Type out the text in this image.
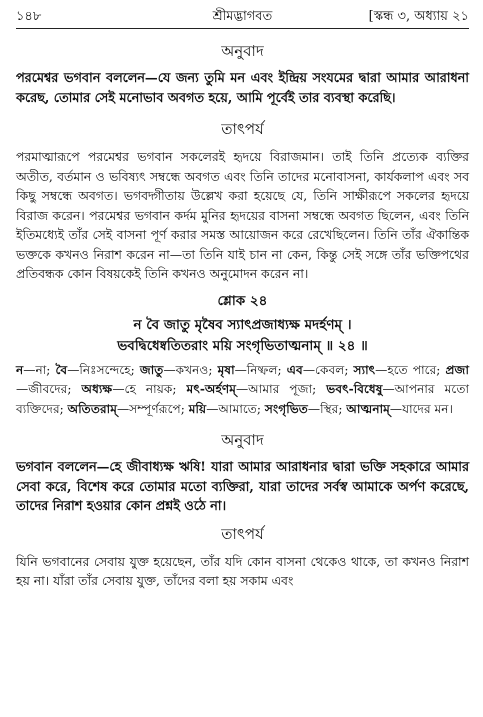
১৪৮	শ্রীমদ্ভাগবত	[স্কন্ধ ৩, অধ্যায় ২১
অনুবাদ

পরমেশ্বর ভগবান বললেন—যে জন্য তুমি মন এবং ইন্দ্রিয় সংযমের দ্বারা আমার আরাধনা করেছ, তোমার সেই মনোভাব অবগত হয়ে, আমি পূর্বেই তার ব্যবস্থা করেছি।

তাৎপর্য

পরমাত্মারূপে পরমেশ্বর ভগবান সকলেরই হৃদয়ে বিরাজমান। তাই তিনি প্রত্যেক ব্যক্তির অতীত, বর্তমান ও ভবিষ্যৎ সম্বন্ধে অবগত এবং তিনি তাদের মনোবাসনা, কার্যকলাপ এবং সব কিছু সম্বন্ধে অবগত। ভগবদ্গীতায় উল্লেখ করা হয়েছে যে, তিনি সাক্ষীরূপে সকলের হৃদয়ে বিরাজ করেন। পরমেশ্বর ভগবান কর্দম মুনির হৃদয়ের বাসনা সম্বন্ধে অবগত ছিলেন, এবং তিনি ইতিমধ্যেই তাঁর সেই বাসনা পূর্ণ করার সমস্ত আয়োজন করে রেখেছিলেন। তিনি তাঁর ঐকান্তিক ভক্তকে কখনও নিরাশ করেন না—তা তিনি যাই চান না কেন, কিন্তু সেই সঙ্গে তাঁর ভক্তিপথের প্রতিবন্ধক কোন বিষয়কেই তিনি কখনও অনুমোদন করেন না।

শ্লোক ২৪

ন বৈ জাতু মৃষৈব স্যাৎপ্রজাধ্যক্ষ মদর্হণম্ ।

ভবদ্বিধেষ্বতিতরাং ময়ি সংগৃভিতাত্মনাম্ ॥ ২৪ ॥

ন—না; বৈ—নিঃসন্দেহে; জাতু—কখনও; মৃষা—নিষ্ফল; এব—কেবল; স্যাৎ—হতে পারে; প্রজা—জীবদের; অধ্যক্ষ—হে নায়ক; মৎ-অর্হণম্—আমার পূজা; ভবৎ-বিধেষু—আপনার মতো ব্যক্তিদের; অতিতরাম্—সম্পূর্ণরূপে; ময়ি—আমাতে; সংগৃভিত—স্থির; আত্মনাম্—যাদের মন।

অনুবাদ

ভগবান বললেন—হে জীবাধ্যক্ষ ঋষি! যারা আমার আরাধনার দ্বারা ভক্তি সহকারে আমার সেবা করে, বিশেষ করে তোমার মতো ব্যক্তিরা, যারা তাদের সর্বস্ব আমাকে অর্পণ করেছে, তাদের নিরাশ হওয়ার কোন প্রশ্নই ওঠে না।

তাৎপর্য

যিনি ভগবানের সেবায় যুক্ত হয়েছেন, তাঁর যদি কোন বাসনা থেকেও থাকে, তা কখনও নিরাশ হয় না। যাঁরা তাঁর সেবায় যুক্ত, তাঁদের বলা হয় সকাম এবং
